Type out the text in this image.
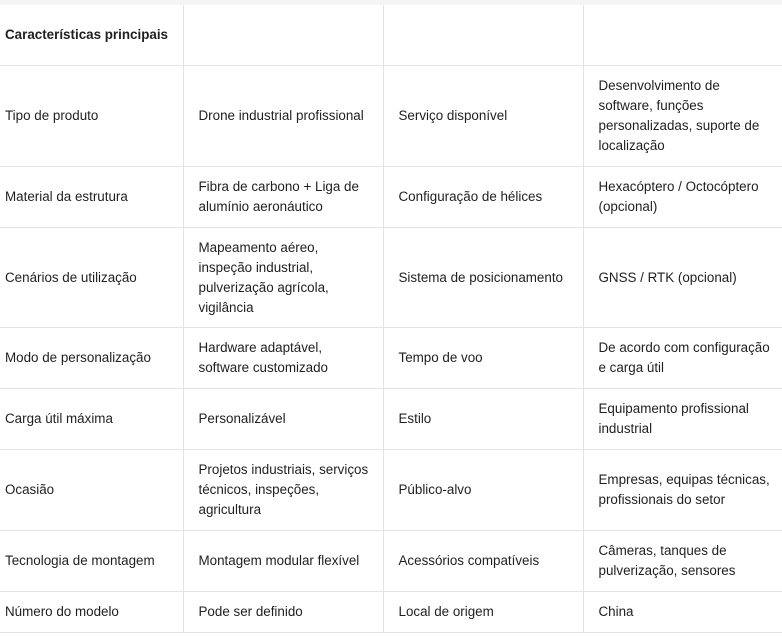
Características principais			
Tipo de produto	Drone industrial profissional	Serviço disponível	Desenvolvimento de software, funções personalizadas, suporte de localização
Material da estrutura	Fibra de carbono + Liga de alumínio aeronáutico	Configuração de hélices	Hexacóptero / Octocóptero (opcional)
Cenários de utilização	Mapeamento aéreo, inspeção industrial, pulverização agrícola, vigilância	Sistema de posicionamento	GNSS / RTK (opcional)
Modo de personalização	Hardware adaptável, software customizado	Tempo de voo	De acordo com configuração e carga útil
Carga útil máxima	Personalizável	Estilo	Equipamento profissional industrial
Ocasião	Projetos industriais, serviços técnicos, inspeções, agricultura	Público-alvo	Empresas, equipas técnicas, profissionais do setor
Tecnologia de montagem	Montagem modular flexível	Acessórios compatíveis	Câmeras, tanques de pulverização, sensores
Número do modelo	Pode ser definido	Local de origem	China
